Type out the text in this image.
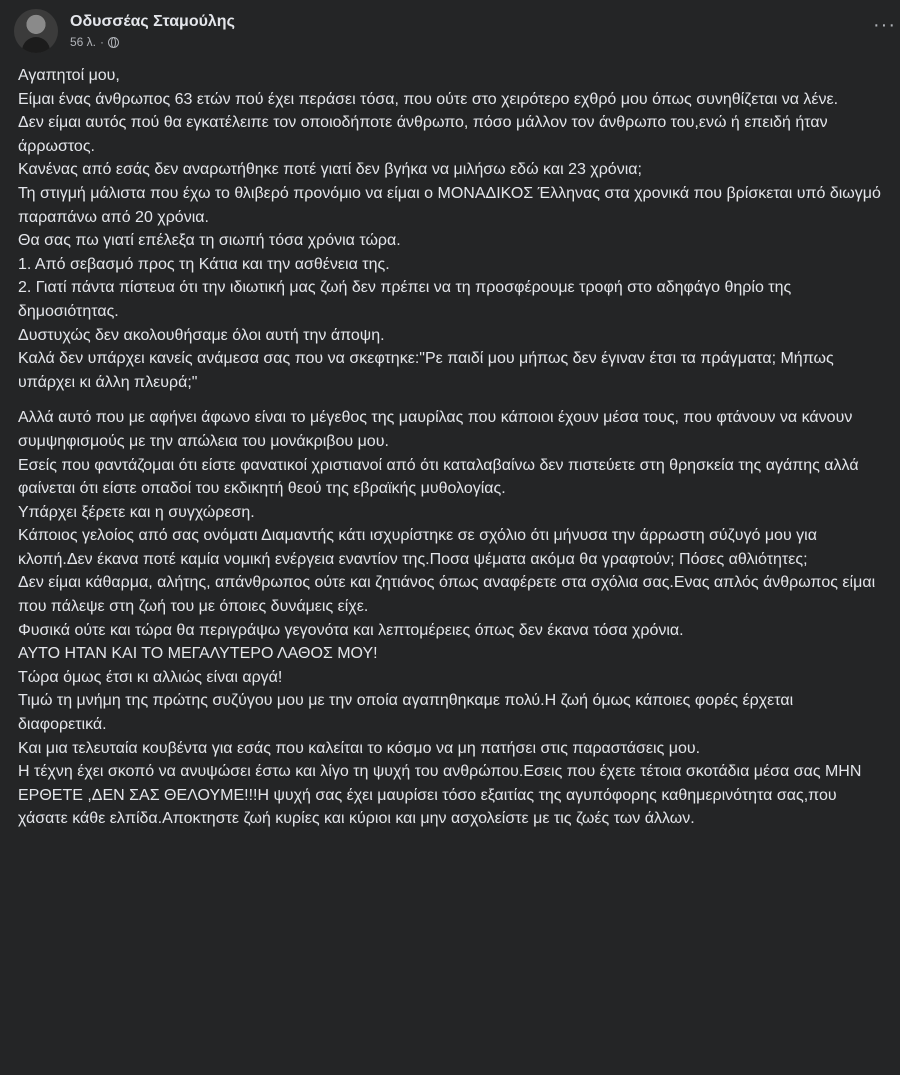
Οδυσσέας Σταμούλης
56 λ. ·
···

Αγαπητοί μου,

Είμαι ένας άνθρωπος 63 ετών πού έχει περάσει τόσα, που ούτε στο χειρότερο εχθρό μου όπως συνηθίζεται να λένε.

Δεν είμαι αυτός πού θα εγκατέλειπε τον οποιοδήποτε άνθρωπο, πόσο μάλλον τον άνθρωπο του,ενώ ή επειδή ήταν άρρωστος.

Κανένας από εσάς δεν αναρωτήθηκε ποτέ γιατί δεν βγήκα να μιλήσω εδώ και 23 χρόνια;

Τη στιγμή μάλιστα που έχω το θλιβερό προνόμιο να είμαι ο ΜΟΝΑΔΙΚΟΣ Έλληνας στα χρονικά που βρίσκεται υπό διωγμό παραπάνω από 20 χρόνια.

Θα σας πω γιατί επέλεξα τη σιωπή τόσα χρόνια τώρα.

1. Από σεβασμό προς τη Κάτια και την ασθένεια της.

2. Γιατί πάντα πίστευα ότι την ιδιωτική μας ζωή δεν πρέπει να τη προσφέρουμε τροφή στο αδηφάγο θηρίο της δημοσιότητας.

Δυστυχώς δεν ακολουθήσαμε όλοι αυτή την άποψη.

Καλά δεν υπάρχει κανείς ανάμεσα σας που να σκεφτηκε:"Ρε παιδί μου μήπως δεν έγιναν έτσι τα πράγματα; Μήπως υπάρχει κι άλλη πλευρά;"

Αλλά αυτό που με αφήνει άφωνο είναι το μέγεθος της μαυρίλας που κάποιοι έχουν μέσα τους, που φτάνουν να κάνουν συμψηφισμούς με την απώλεια του μονάκριβου μου.

Εσείς που φαντάζομαι ότι είστε φανατικοί χριστιανοί από ότι καταλαβαίνω δεν πιστεύετε στη θρησκεία της αγάπης αλλά φαίνεται ότι είστε οπαδοί του εκδικητή θεού της εβραϊκής μυθολογίας.

Υπάρχει ξέρετε και η συγχώρεση.

Κάποιος γελοίος από σας ονόματι Διαμαντής κάτι ισχυρίστηκε σε σχόλιο ότι μήνυσα την άρρωστη σύζυγό μου για κλοπή.Δεν έκανα ποτέ καμία νομική ενέργεια εναντίον της.Ποσα ψέματα ακόμα θα γραφτούν; Πόσες αθλιότητες;

Δεν είμαι κάθαρμα, αλήτης, απάνθρωπος ούτε και ζητιάνος όπως αναφέρετε στα σχόλια σας.Ενας απλός άνθρωπος είμαι που πάλεψε στη ζωή του με όποιες δυνάμεις είχε.

Φυσικά ούτε και τώρα θα περιγράψω γεγονότα και λεπτομέρειες όπως δεν έκανα τόσα χρόνια.

ΑΥΤΟ ΗΤΑΝ ΚΑΙ ΤΟ ΜΕΓΑΛΥΤΕΡΟ ΛΑΘΟΣ ΜΟΥ!

Τώρα όμως έτσι κι αλλιώς είναι αργά!

Τιμώ τη μνήμη της πρώτης συζύγου μου με την οποία αγαπηθηκαμε πολύ.Η ζωή όμως κάποιες φορές έρχεται διαφορετικά.

Και μια τελευταία κουβέντα για εσάς που καλείται το κόσμο να μη πατήσει στις παραστάσεις μου.

Η τέχνη έχει σκοπό να ανυψώσει έστω και λίγο τη ψυχή του ανθρώπου.Εσεις που έχετε τέτοια σκοτάδια μέσα σας ΜΗΝ ΕΡΘΕΤΕ ,ΔΕΝ ΣΑΣ ΘΕΛΟΥΜΕ!!!Η ψυχή σας έχει μαυρίσει τόσο εξαιτίας της αγυπόφορης καθημερινότητα σας,που χάσατε κάθε ελπίδα.Αποκτηστε ζωή κυρίες και κύριοι και μην ασχολείστε με τις ζωές των άλλων.
